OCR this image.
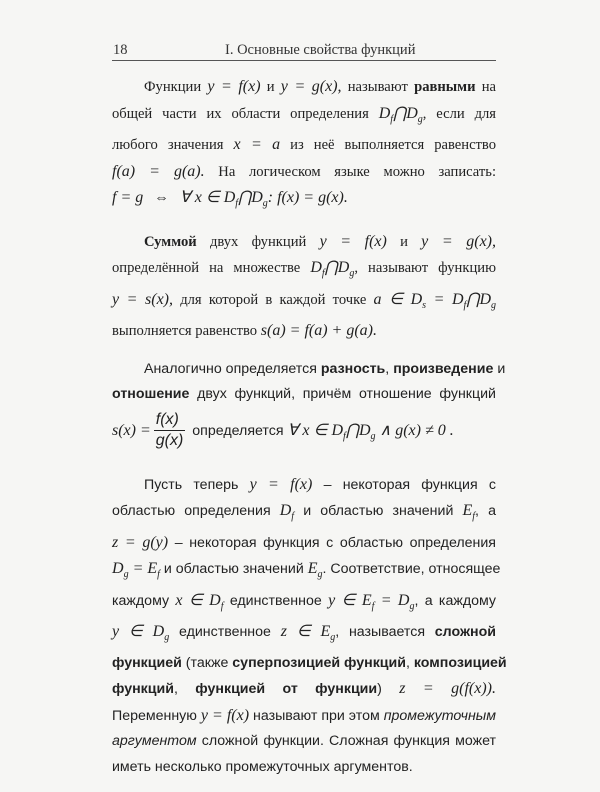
18	I. Основные свойства функций
Функции y = f(x) и y = g(x), называют равными на
общей части их области определения $D_f⋂D_g$, если для
любого значения x = a из неё выполняется равенство
f(a) = g(a). На логическом языке можно записать:
f = g ⇔ ∀ x ∈ $D_f⋂D_g$: f(x) = g(x).
Суммой двух функций y = f(x) и y = g(x),
определённой на множестве $D_f⋂D_g$, называют функцию
y = s(x), для которой в каждой точке a ∈ $D_s$ = $D_f⋂D_g$
выполняется равенство s(a) = f(a) + g(a).
Аналогично определяется разность, произведение и
отношение двух функций, причём отношение функций
$s(x) = \frac{f(x)}{g(x)}$ определяется ∀ x ∈ $D_f⋂D_g$ ∧ g(x) ≠ 0 .
Пусть теперь y = f(x) – некоторая функция с
областью определения $D_f$ и областью значений $E_f$, а
z = g(y) – некоторая функция с областью определения
$D_g = E_f$ и областью значений $E_g$. Соответствие, относящее
каждому x ∈ $D_f$ единственное y ∈ $E_f = D_g$, а каждому
y ∈ $D_g$ единственное z ∈ $E_g$, называется сложной
функцией (также суперпозицией функций, композицией
функций, функцией от функции) z = g(f(x)).
Переменную y = f(x) называют при этом промежуточным
аргументом сложной функции. Сложная функция может
иметь несколько промежуточных аргументов.
